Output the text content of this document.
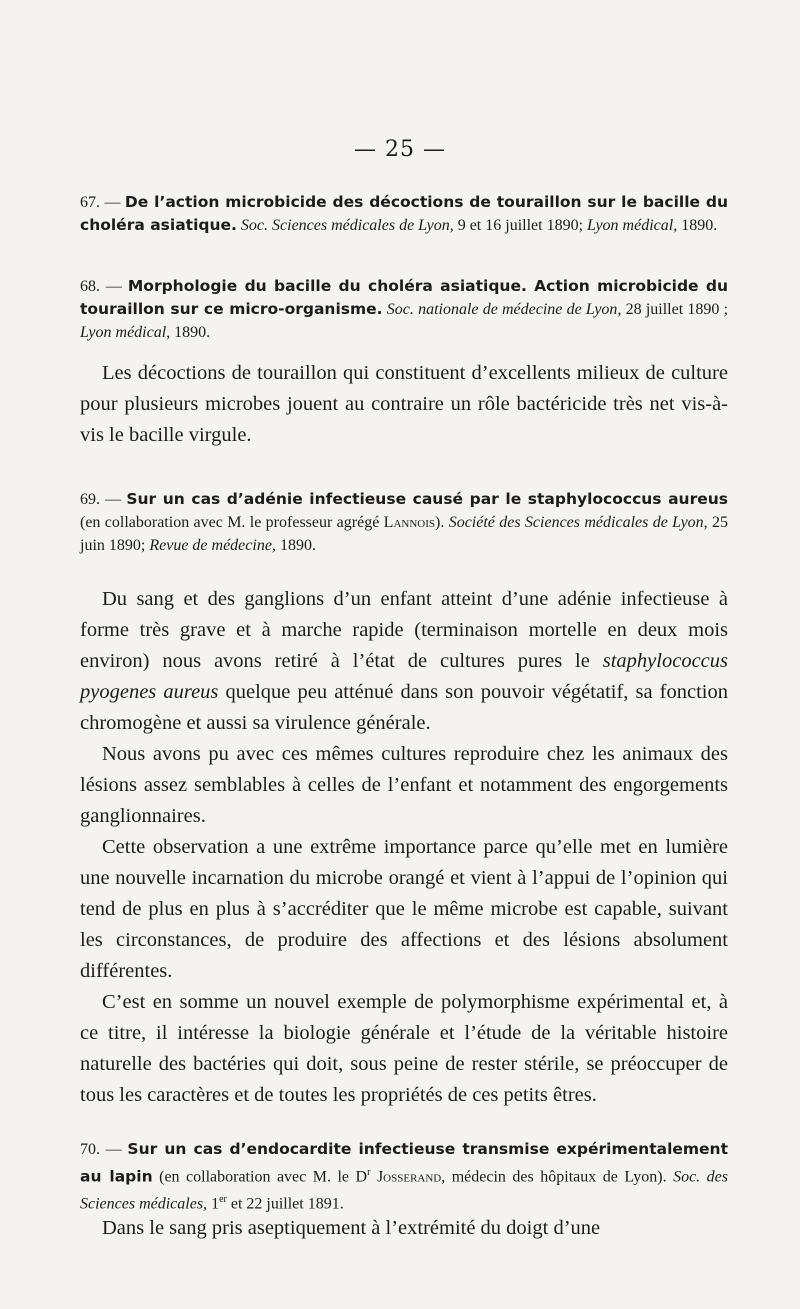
— 25 —
67. — De l’action microbicide des décoctions de touraillon sur le bacille du choléra asiatique. Soc. Sciences médicales de Lyon, 9 et 16 juillet 1890; Lyon médical, 1890.
68. — Morphologie du bacille du choléra asiatique. Action microbicide du touraillon sur ce micro-organisme. Soc. nationale de médecine de Lyon, 28 juillet 1890 ; Lyon médical, 1890.
Les décoctions de touraillon qui constituent d’excellents milieux de culture pour plusieurs microbes jouent au contraire un rôle bactéricide très net vis-à-vis le bacille virgule.
69. — Sur un cas d’adénie infectieuse causé par le staphylococcus aureus (en collaboration avec M. le professeur agrégé Lannois). Société des Sciences médicales de Lyon, 25 juin 1890; Revue de médecine, 1890.
Du sang et des ganglions d’un enfant atteint d’une adénie infectieuse à forme très grave et à marche rapide (terminaison mortelle en deux mois environ) nous avons retiré à l’état de cultures pures le staphylococcus pyogenes aureus quelque peu atténué dans son pouvoir végétatif, sa fonction chromogène et aussi sa virulence générale.
Nous avons pu avec ces mêmes cultures reproduire chez les animaux des lésions assez semblables à celles de l’enfant et notamment des engorgements ganglionnaires.
Cette observation a une extrême importance parce qu’elle met en lumière une nouvelle incarnation du microbe orangé et vient à l’appui de l’opinion qui tend de plus en plus à s’accréditer que le même microbe est capable, suivant les circonstances, de produire des affections et des lésions absolument différentes.
C’est en somme un nouvel exemple de polymorphisme expérimental et, à ce titre, il intéresse la biologie générale et l’étude de la véritable histoire naturelle des bactéries qui doit, sous peine de rester stérile, se préoccuper de tous les caractères et de toutes les propriétés de ces petits êtres.
70. — Sur un cas d’endocardite infectieuse transmise expérimentalement au lapin (en collaboration avec M. le $D^r$ Josserand, médecin des hôpitaux de Lyon). Soc. des Sciences médicales, 1er et 22 juillet 1891.
Dans le sang pris aseptiquement à l’extrémité du doigt d’une
